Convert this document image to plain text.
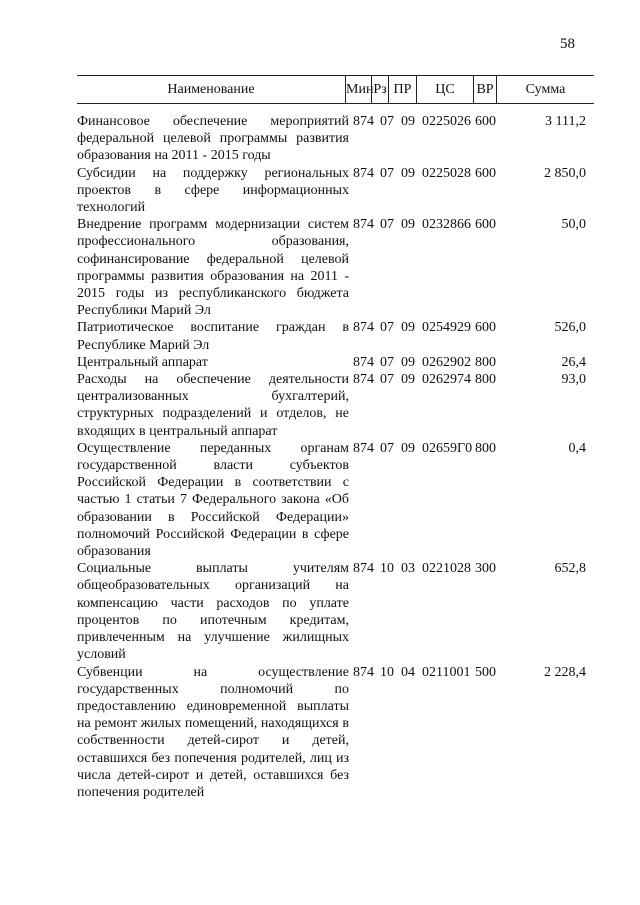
58
Наименование	Мин Рз ПР	ЦС	ВР	Сумма
Финансовое обеспечение мероприятий федеральной целевой программы развития образования на 2011 - 2015 годы
874 07 09 0225026 600	3 111,2
Субсидии на поддержку региональных проектов в сфере информационных технологий
874 07 09 0225028 600	2 850,0
Внедрение программ модернизации систем профессионального образования, софинансирование федеральной целевой программы развития образования на 2011 - 2015 годы из республиканского бюджета Республики Марий Эл
874 07 09 0232866 600	50,0
Патриотическое воспитание граждан в Республике Марий Эл
874 07 09 0254929 600	526,0
Центральный аппарат	874 07 09 0262902 800	26,4
Расходы на обеспечение деятельности централизованных бухгалтерий, структурных подразделений и отделов, не входящих в центральный аппарат
874 07 09 0262974 800	93,0
Осуществление переданных органам государственной власти субъектов Российской Федерации в соответствии с частью 1 статьи 7 Федерального закона «Об образовании в Российской Федерации» полномочий Российской Федерации в сфере образования
874 07 09 02659Г0 800	0,4
Социальные выплаты учителям общеобразовательных организаций на компенсацию части расходов по уплате процентов по ипотечным кредитам, привлеченным на улучшение жилищных условий
874 10 03 0221028 300	652,8
Субвенции на осуществление государственных полномочий по предоставлению единовременной выплаты на ремонт жилых помещений, находящихся в собственности детей-сирот и детей, оставшихся без попечения родителей, лиц из числа детей-сирот и детей, оставшихся без попечения родителей
874 10 04 0211001 500	2 228,4
